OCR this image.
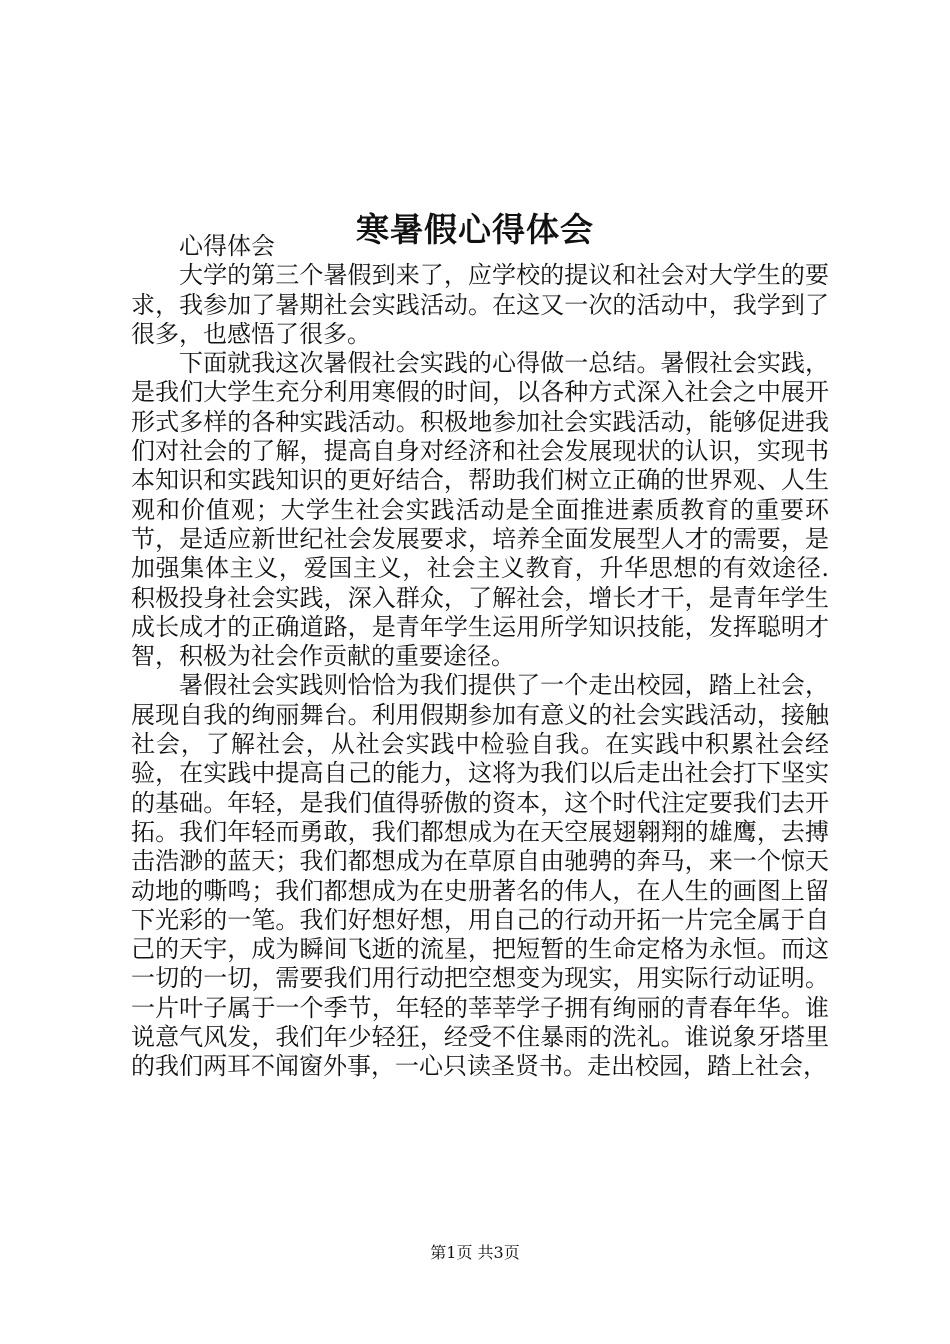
寒暑假心得体会

心得体会

大学的第三个暑假到来了，应学校的提议和社会对大学生的要求，我参加了暑期社会实践活动。在这又一次的活动中，我学到了很多，也感悟了很多。

下面就我这次暑假社会实践的心得做一总结。暑假社会实践，是我们大学生充分利用寒假的时间，以各种方式深入社会之中展开形式多样的各种实践活动。积极地参加社会实践活动，能够促进我们对社会的了解，提高自身对经济和社会发展现状的认识，实现书本知识和实践知识的更好结合，帮助我们树立正确的世界观、人生观和价值观；大学生社会实践活动是全面推进素质教育的重要环节，是适应新世纪社会发展要求，培养全面发展型人才的需要，是加强集体主义，爱国主义，社会主义教育，升华思想的有效途径.积极投身社会实践，深入群众，了解社会，增长才干，是青年学生成长成才的正确道路，是青年学生运用所学知识技能，发挥聪明才智，积极为社会作贡献的重要途径。

暑假社会实践则恰恰为我们提供了一个走出校园，踏上社会，展现自我的绚丽舞台。利用假期参加有意义的社会实践活动，接触社会，了解社会，从社会实践中检验自我。在实践中积累社会经验，在实践中提高自己的能力，这将为我们以后走出社会打下坚实的基础。年轻，是我们值得骄傲的资本，这个时代注定要我们去开拓。我们年轻而勇敢，我们都想成为在天空展翅翱翔的雄鹰，去搏击浩渺的蓝天；我们都想成为在草原自由驰骋的奔马，来一个惊天动地的嘶鸣；我们都想成为在史册著名的伟人，在人生的画图上留下光彩的一笔。我们好想好想，用自己的行动开拓一片完全属于自己的天宇，成为瞬间飞逝的流星，把短暂的生命定格为永恒。而这一切的一切，需要我们用行动把空想变为现实，用实际行动证明。一片叶子属于一个季节，年轻的莘莘学子拥有绚丽的青春年华。谁说意气风发，我们年少轻狂，经受不住暴雨的洗礼。谁说象牙塔里的我们两耳不闻窗外事，一心只读圣贤书。走出校园，踏上社会，

第1页 共3页
